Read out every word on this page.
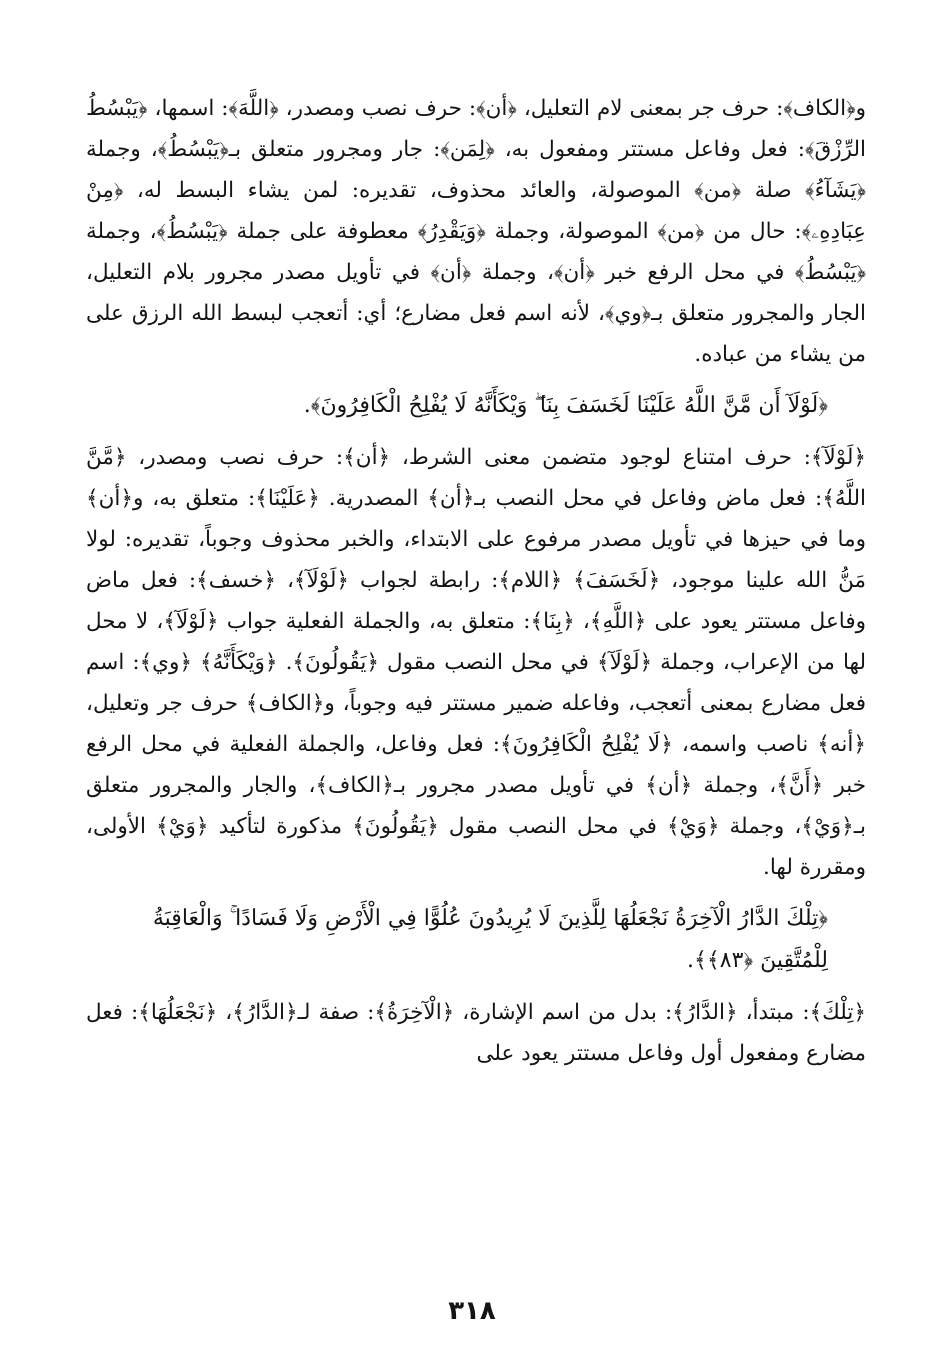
و﴿الكاف﴾: حرف جر بمعنى لام التعليل، ﴿أن﴾: حرف نصب ومصدر، ﴿اللَّهَ﴾: اسمها، ﴿يَبْسُطُ الرِّزْقَ﴾: فعل وفاعل مستتر ومفعول به، ﴿لِمَن﴾: جار ومجرور متعلق بـ﴿يَبْسُطُ﴾، وجملة ﴿يَشَآءُ﴾ صلة ﴿من﴾ الموصولة، والعائد محذوف، تقديره: لمن يشاء البسط له، ﴿مِنْ عِبَادِهِۦ﴾: حال من ﴿من﴾ الموصولة، وجملة ﴿وَيَقْدِرُ﴾ معطوفة على جملة ﴿يَبْسُطُ﴾، وجملة ﴿يَبْسُطُ﴾ في محل الرفع خبر ﴿أن﴾، وجملة ﴿أن﴾ في تأويل مصدر مجرور بلام التعليل، الجار والمجرور متعلق بـ﴿وي﴾، لأنه اسم فعل مضارع؛ أي: أتعجب لبسط الله الرزق على من يشاء من عباده.

﴿لَوْلَآ أَن مَّنَّ اللَّهُ عَلَيْنَا لَخَسَفَ بِنَا ۖ وَيْكَأَنَّهُ لَا يُفْلِحُ الْكَافِرُونَ﴾.

﴿لَوْلَآ﴾: حرف امتناع لوجود متضمن معنى الشرط، ﴿أن﴾: حرف نصب ومصدر، ﴿مَّنَّ اللَّهُ﴾: فعل ماض وفاعل في محل النصب بـ﴿أن﴾ المصدرية. ﴿عَلَيْنَا﴾: متعلق به، و﴿أن﴾ وما في حيزها في تأويل مصدر مرفوع على الابتداء، والخبر محذوف وجوباً، تقديره: لولا مَنُّ الله علينا موجود، ﴿لَخَسَفَ﴾ ﴿اللام﴾: رابطة لجواب ﴿لَوْلَآ﴾، ﴿خسف﴾: فعل ماض وفاعل مستتر يعود على ﴿اللَّهِ﴾، ﴿بِنَا﴾: متعلق به، والجملة الفعلية جواب ﴿لَوْلَآ﴾، لا محل لها من الإعراب، وجملة ﴿لَوْلَآ﴾ في محل النصب مقول ﴿يَقُولُونَ﴾. ﴿وَيْكَأَنَّهُ﴾ ﴿وي﴾: اسم فعل مضارع بمعنى أتعجب، وفاعله ضمير مستتر فيه وجوباً، و﴿الكاف﴾ حرف جر وتعليل، ﴿أنه﴾ ناصب واسمه، ﴿لَا يُفْلِحُ الْكَافِرُونَ﴾: فعل وفاعل، والجملة الفعلية في محل الرفع خبر ﴿أَنَّ﴾، وجملة ﴿أن﴾ في تأويل مصدر مجرور بـ﴿الكاف﴾، والجار والمجرور متعلق بـ﴿وَيْ﴾، وجملة ﴿وَيْ﴾ في محل النصب مقول ﴿يَقُولُونَ﴾ مذكورة لتأكيد ﴿وَيْ﴾ الأولى، ومقررة لها.

﴿تِلْكَ الدَّارُ الْآخِرَةُ نَجْعَلُهَا لِلَّذِينَ لَا يُرِيدُونَ عُلُوًّا فِي الْأَرْضِ وَلَا فَسَادًا ۚ وَالْعَاقِبَةُ لِلْمُتَّقِينَ ﴿٨٣﴾﴾.

﴿تِلْكَ﴾: مبتدأ، ﴿الدَّارُ﴾: بدل من اسم الإشارة، ﴿الْآخِرَةُ﴾: صفة لـ﴿الدَّارُ﴾، ﴿نَجْعَلُهَا﴾: فعل مضارع ومفعول أول وفاعل مستتر يعود على

٣١٨
